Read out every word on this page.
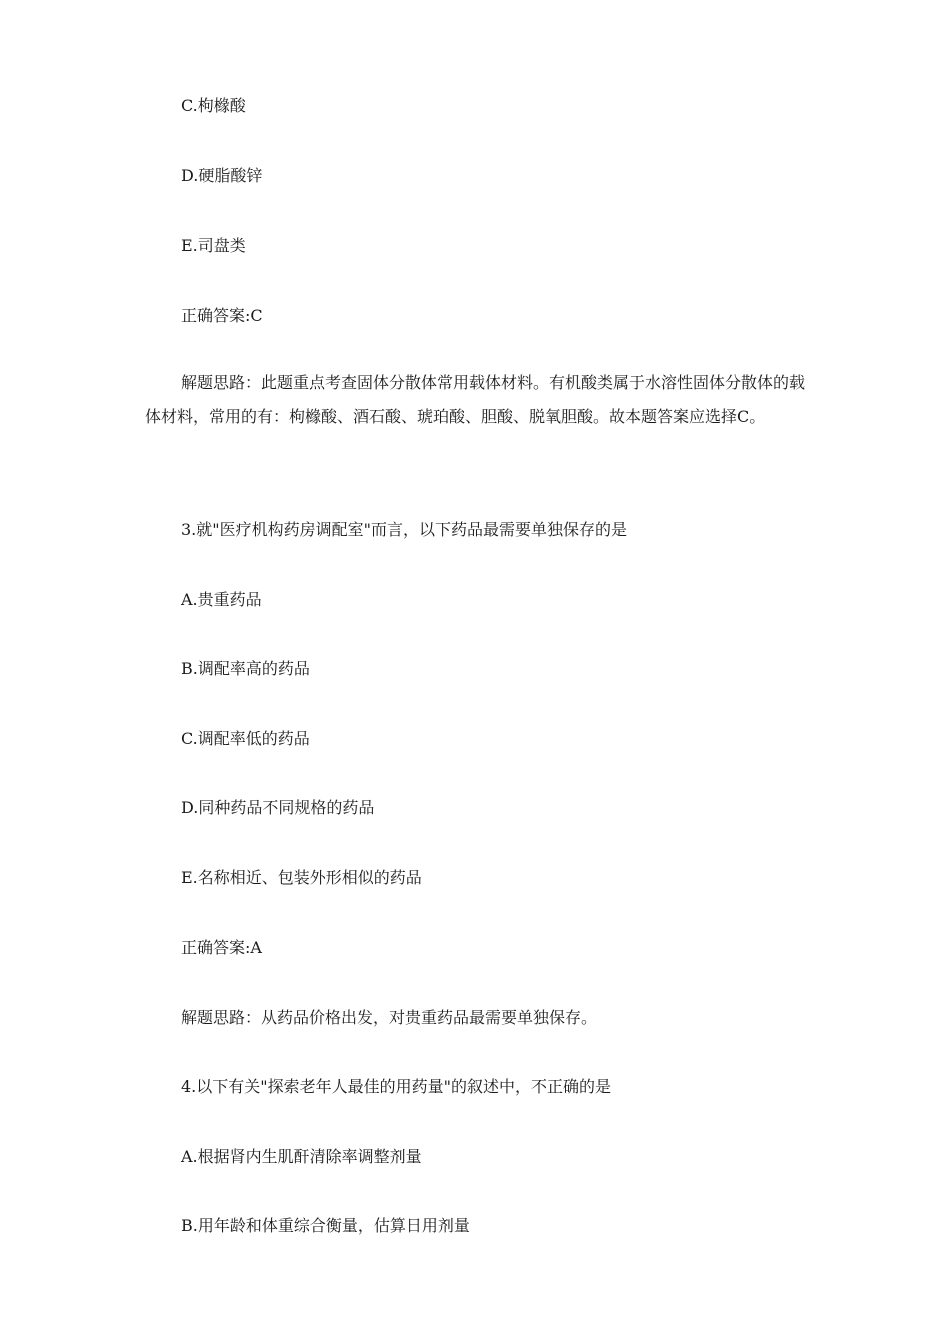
C.枸橼酸

D.硬脂酸锌

E.司盘类

正确答案:C

解题思路：此题重点考查固体分散体常用载体材料。有机酸类属于水溶性固体分散体的载体材料，常用的有：枸橼酸、酒石酸、琥珀酸、胆酸、脱氧胆酸。故本题答案应选择C。

3.就"医疗机构药房调配室"而言，以下药品最需要单独保存的是

A.贵重药品

B.调配率高的药品

C.调配率低的药品

D.同种药品不同规格的药品

E.名称相近、包装外形相似的药品

正确答案:A

解题思路：从药品价格出发，对贵重药品最需要单独保存。

4.以下有关"探索老年人最佳的用药量"的叙述中，不正确的是

A.根据肾内生肌酐清除率调整剂量

B.用年龄和体重综合衡量，估算日用剂量
